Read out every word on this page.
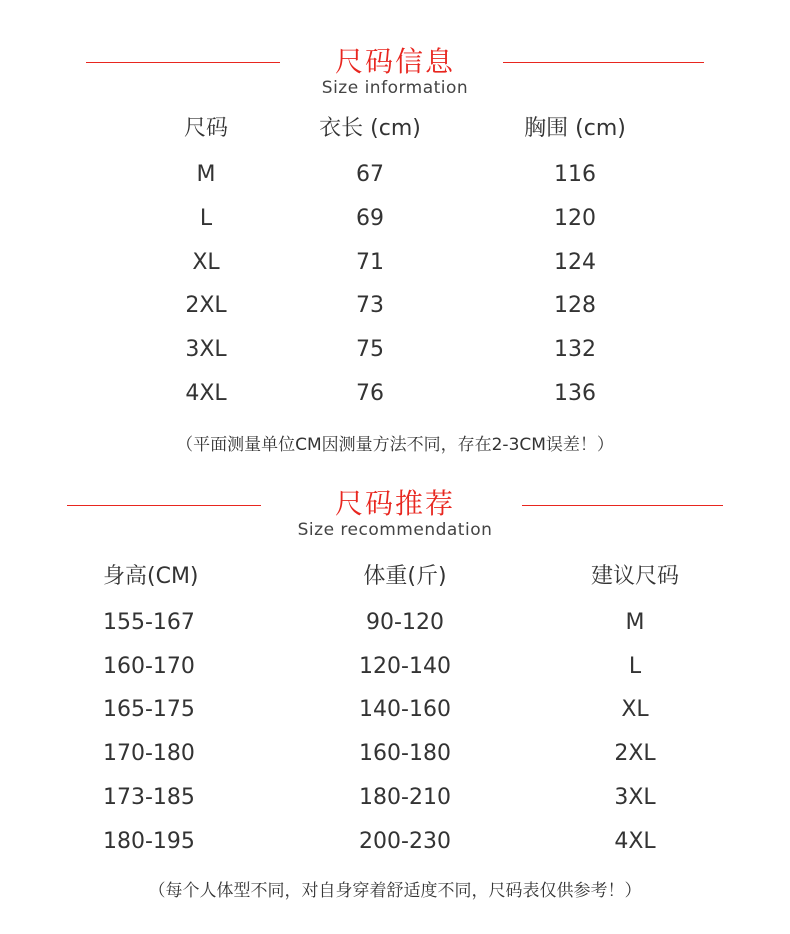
尺码信息
Size information
尺码	衣长 (cm)	胸围 (cm)
M	67	116
L	69	120
XL	71	124
2XL	73	128
3XL	75	132
4XL	76	136
（平面测量单位CM因测量方法不同，存在2-3CM误差！）
尺码推荐
Size recommendation
身高(CM)	体重(斤)	建议尺码
155-167	90-120	M
160-170	120-140	L
165-175	140-160	XL
170-180	160-180	2XL
173-185	180-210	3XL
180-195	200-230	4XL
（每个人体型不同，对自身穿着舒适度不同，尺码表仅供参考！）
